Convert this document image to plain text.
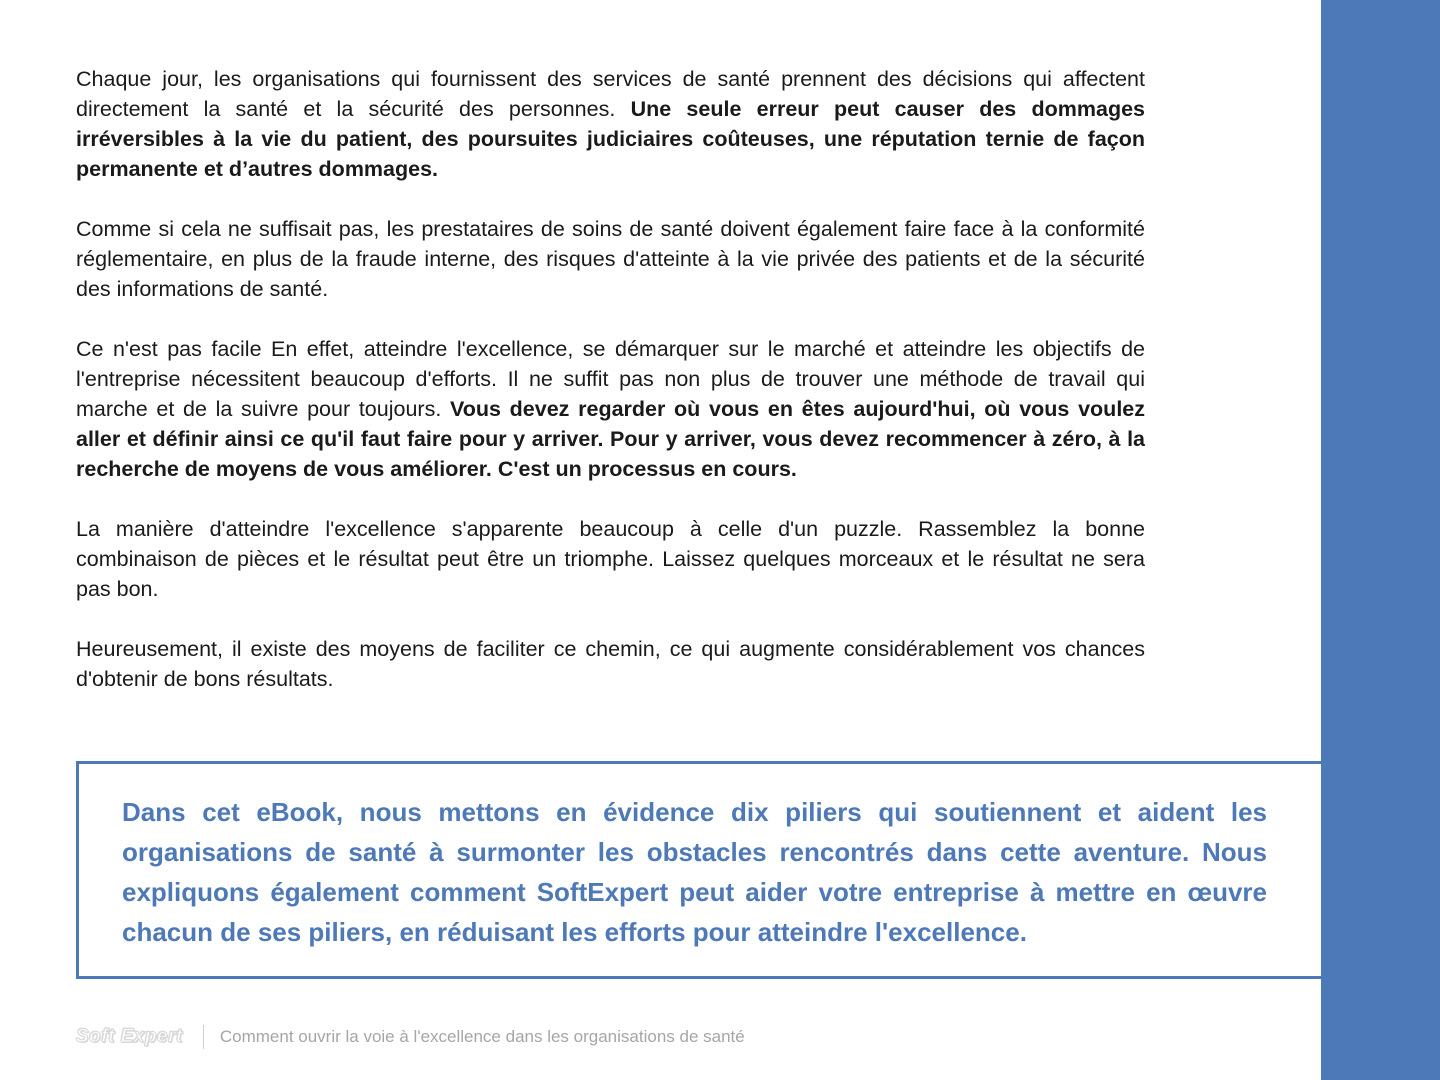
Chaque jour, les organisations qui fournissent des services de santé prennent des décisions qui affectent directement la santé et la sécurité des personnes. Une seule erreur peut causer des dommages irréversibles à la vie du patient, des poursuites judiciaires coûteuses, une réputation ternie de façon permanente et d’autres dommages.

Comme si cela ne suffisait pas, les prestataires de soins de santé doivent également faire face à la conformité réglementaire, en plus de la fraude interne, des risques d'atteinte à la vie privée des patients et de la sécurité des informations de santé.

Ce n'est pas facile En effet, atteindre l'excellence, se démarquer sur le marché et atteindre les objectifs de l'entreprise nécessitent beaucoup d'efforts. Il ne suffit pas non plus de trouver une méthode de travail qui marche et de la suivre pour toujours. Vous devez regarder où vous en êtes aujourd'hui, où vous voulez aller et définir ainsi ce qu'il faut faire pour y arriver. Pour y arriver, vous devez recommencer à zéro, à la recherche de moyens de vous améliorer. C'est un processus en cours.

La manière d'atteindre l'excellence s'apparente beaucoup à celle d'un puzzle. Rassemblez la bonne combinaison de pièces et le résultat peut être un triomphe. Laissez quelques morceaux et le résultat ne sera pas bon.

Heureusement, il existe des moyens de faciliter ce chemin, ce qui augmente considérablement vos chances d'obtenir de bons résultats.

Dans cet eBook, nous mettons en évidence dix piliers qui soutiennent et aident les organisations de santé à surmonter les obstacles rencontrés dans cette aventure. Nous expliquons également comment SoftExpert peut aider votre entreprise à mettre en œuvre chacun de ses piliers, en réduisant les efforts pour atteindre l'excellence.

Soft Expert Comment ouvrir la voie à l'excellence dans les organisations de santé
